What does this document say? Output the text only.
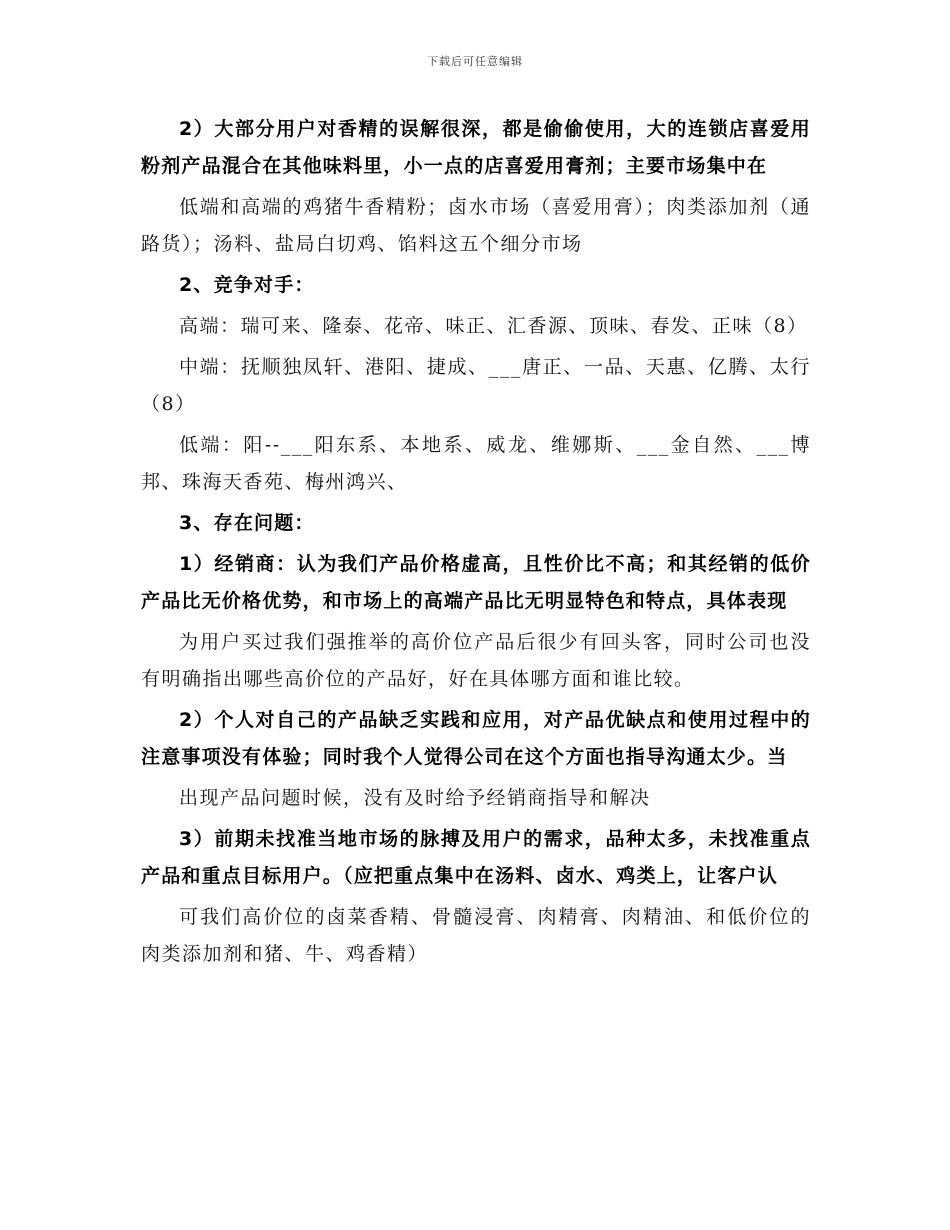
下载后可任意编辑

2）大部分用户对香精的误解很深，都是偷偷使用，大的连锁店喜爱用粉剂产品混合在其他味料里，小一点的店喜爱用膏剂；主要市场集中在

低端和高端的鸡猪牛香精粉；卤水市场（喜爱用膏）；肉类添加剂（通路货）；汤料、盐局白切鸡、馅料这五个细分市场

2、竞争对手：

高端：瑞可来、隆泰、花帝、味正、汇香源、顶味、春发、正味（8）

中端：抚顺独凤轩、港阳、捷成、___唐正、一品、天惠、亿腾、太行（8）

低端：阳--___阳东系、本地系、威龙、维娜斯、___金自然、___博邦、珠海天香苑、梅州鸿兴、

3、存在问题：

1）经销商：认为我们产品价格虚高，且性价比不高；和其经销的低价产品比无价格优势，和市场上的高端产品比无明显特色和特点，具体表现

为用户买过我们强推举的高价位产品后很少有回头客，同时公司也没有明确指出哪些高价位的产品好，好在具体哪方面和谁比较。

2）个人对自己的产品缺乏实践和应用，对产品优缺点和使用过程中的注意事项没有体验；同时我个人觉得公司在这个方面也指导沟通太少。当

出现产品问题时候，没有及时给予经销商指导和解决

3）前期未找准当地市场的脉搏及用户的需求，品种太多，未找准重点产品和重点目标用户。（应把重点集中在汤料、卤水、鸡类上，让客户认

可我们高价位的卤菜香精、骨髓浸膏、肉精膏、肉精油、和低价位的肉类添加剂和猪、牛、鸡香精）
